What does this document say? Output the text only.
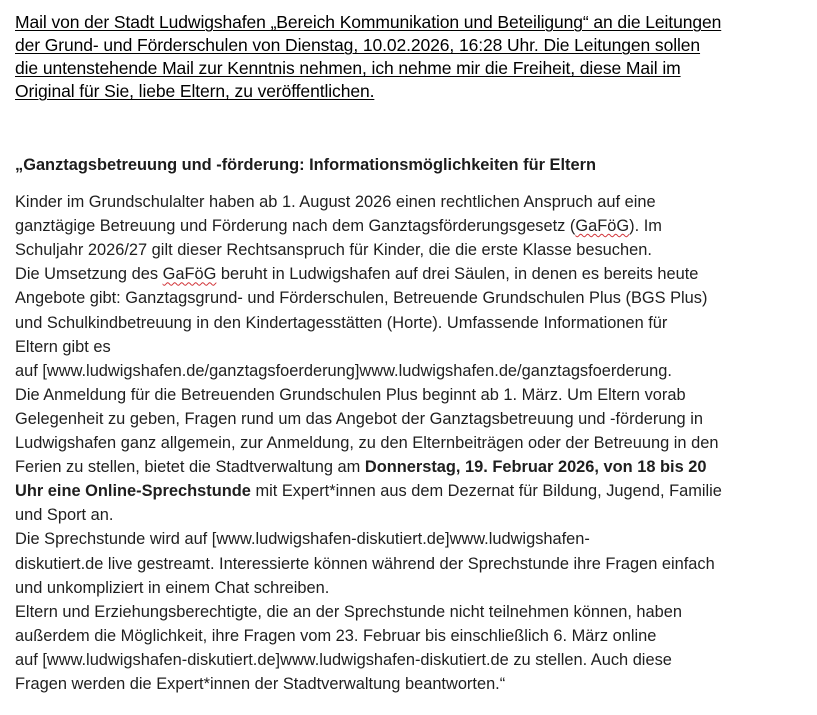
Mail von der Stadt Ludwigshafen „Bereich Kommunikation und Beteiligung“ an die Leitungen
der Grund- und Förderschulen von Dienstag, 10.02.2026, 16:28 Uhr. Die Leitungen sollen
die untenstehende Mail zur Kenntnis nehmen, ich nehme mir die Freiheit, diese Mail im
Original für Sie, liebe Eltern, zu veröffentlichen.
„Ganztagsbetreuung und -förderung: Informationsmöglichkeiten für Eltern
Kinder im Grundschulalter haben ab 1. August 2026 einen rechtlichen Anspruch auf eine
ganztägige Betreuung und Förderung nach dem Ganztagsförderungsgesetz (GaFöG). Im
Schuljahr 2026/27 gilt dieser Rechtsanspruch für Kinder, die die erste Klasse besuchen.
Die Umsetzung des GaFöG beruht in Ludwigshafen auf drei Säulen, in denen es bereits heute
Angebote gibt: Ganztagsgrund- und Förderschulen, Betreuende Grundschulen Plus (BGS Plus)
und Schulkindbetreuung in den Kindertagesstätten (Horte). Umfassende Informationen für
Eltern gibt es
auf [www.ludwigshafen.de/ganztagsfoerderung]www.ludwigshafen.de/ganztagsfoerderung.
Die Anmeldung für die Betreuenden Grundschulen Plus beginnt ab 1. März. Um Eltern vorab
Gelegenheit zu geben, Fragen rund um das Angebot der Ganztagsbetreuung und -förderung in
Ludwigshafen ganz allgemein, zur Anmeldung, zu den Elternbeiträgen oder der Betreuung in den
Ferien zu stellen, bietet die Stadtverwaltung am Donnerstag, 19. Februar 2026, von 18 bis 20
Uhr eine Online-Sprechstunde mit Expert*innen aus dem Dezernat für Bildung, Jugend, Familie
und Sport an.
Die Sprechstunde wird auf [www.ludwigshafen-diskutiert.de]www.ludwigshafen-
diskutiert.de live gestreamt. Interessierte können während der Sprechstunde ihre Fragen einfach
und unkompliziert in einem Chat schreiben.
Eltern und Erziehungsberechtigte, die an der Sprechstunde nicht teilnehmen können, haben
außerdem die Möglichkeit, ihre Fragen vom 23. Februar bis einschließlich 6. März online
auf [www.ludwigshafen-diskutiert.de]www.ludwigshafen-diskutiert.de zu stellen. Auch diese
Fragen werden die Expert*innen der Stadtverwaltung beantworten.“
